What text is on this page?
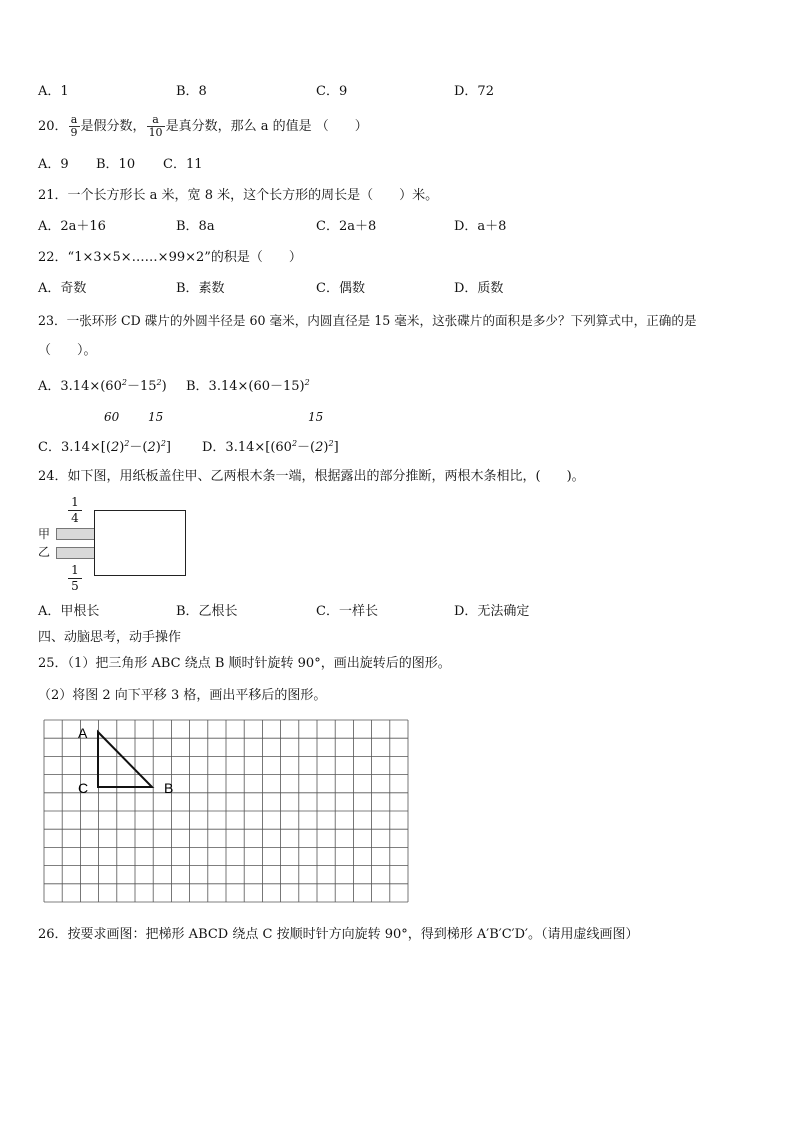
A．1	B．8	C．9	D．72
20． $\frac{a}{9}$ 是假分数， $\frac{a}{10}$ 是真分数，那么 a 的值是 （　　）
A．9 B．10 C．11
21．一个长方形长 a 米，宽 8 米，这个长方形的周长是（　　）米。
A．2a＋16	B．8a	C．2a＋8	D．a＋8
22．“1×3×5×……×99×2”的积是（　　）
A．奇数	B．素数	C．偶数	D．质数
23．一张环形 CD 碟片的外圆半径是 60 毫米，内圆直径是 15 毫米，这张碟片的面积是多少？下列算式中，正确的是
（　　）。
A．$3.14\times(60^2-15^2)$ B．$3.14\times(60-15)^2$
60 15	15
C．$3.14\times[(2)^2-(2)^2]$ D．$3.14\times[(60^2-(2)^2]$
24．如下图，用纸板盖住甲、乙两根木条一端，根据露出的部分推断，两根木条相比，(　　)。
1
4
甲
乙
1
5
A．甲根长	B．乙根长	C．一样长	D．无法确定
四、动脑思考，动手操作
25．（1）把三角形 ABC 绕点 B 顺时针旋转 90°，画出旋转后的图形。
（2）将图 2 向下平移 3 格，画出平移后的图形。
A
C	B
26．按要求画图：把梯形 ABCD 绕点 C 按顺时针方向旋转 90°，得到梯形 A′B′C′D′。（请用虚线画图）
